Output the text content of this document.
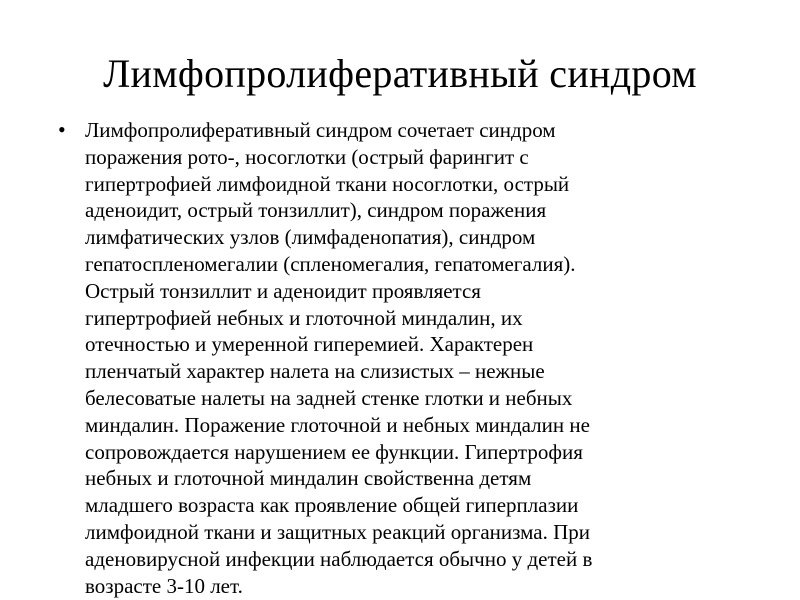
Лимфопролиферативный синдром
• Лимфопролиферативный синдром сочетает синдром
поражения рото-, носоглотки (острый фарингит с
гипертрофией лимфоидной ткани носоглотки, острый
аденоидит, острый тонзиллит), синдром поражения
лимфатических узлов (лимфаденопатия), синдром
гепатоспленомегалии (спленомегалия, гепатомегалия).
Острый тонзиллит и аденоидит проявляется
гипертрофией небных и глоточной миндалин, их
отечностью и умеренной гиперемией. Характерен
пленчатый характер налета на слизистых – нежные
белесоватые налеты на задней стенке глотки и небных
миндалин. Поражение глоточной и небных миндалин не
сопровождается нарушением ее функции. Гипертрофия
небных и глоточной миндалин свойственна детям
младшего возраста как проявление общей гиперплазии
лимфоидной ткани и защитных реакций организма. При
аденовирусной инфекции наблюдается обычно у детей в
возрасте 3-10 лет.
